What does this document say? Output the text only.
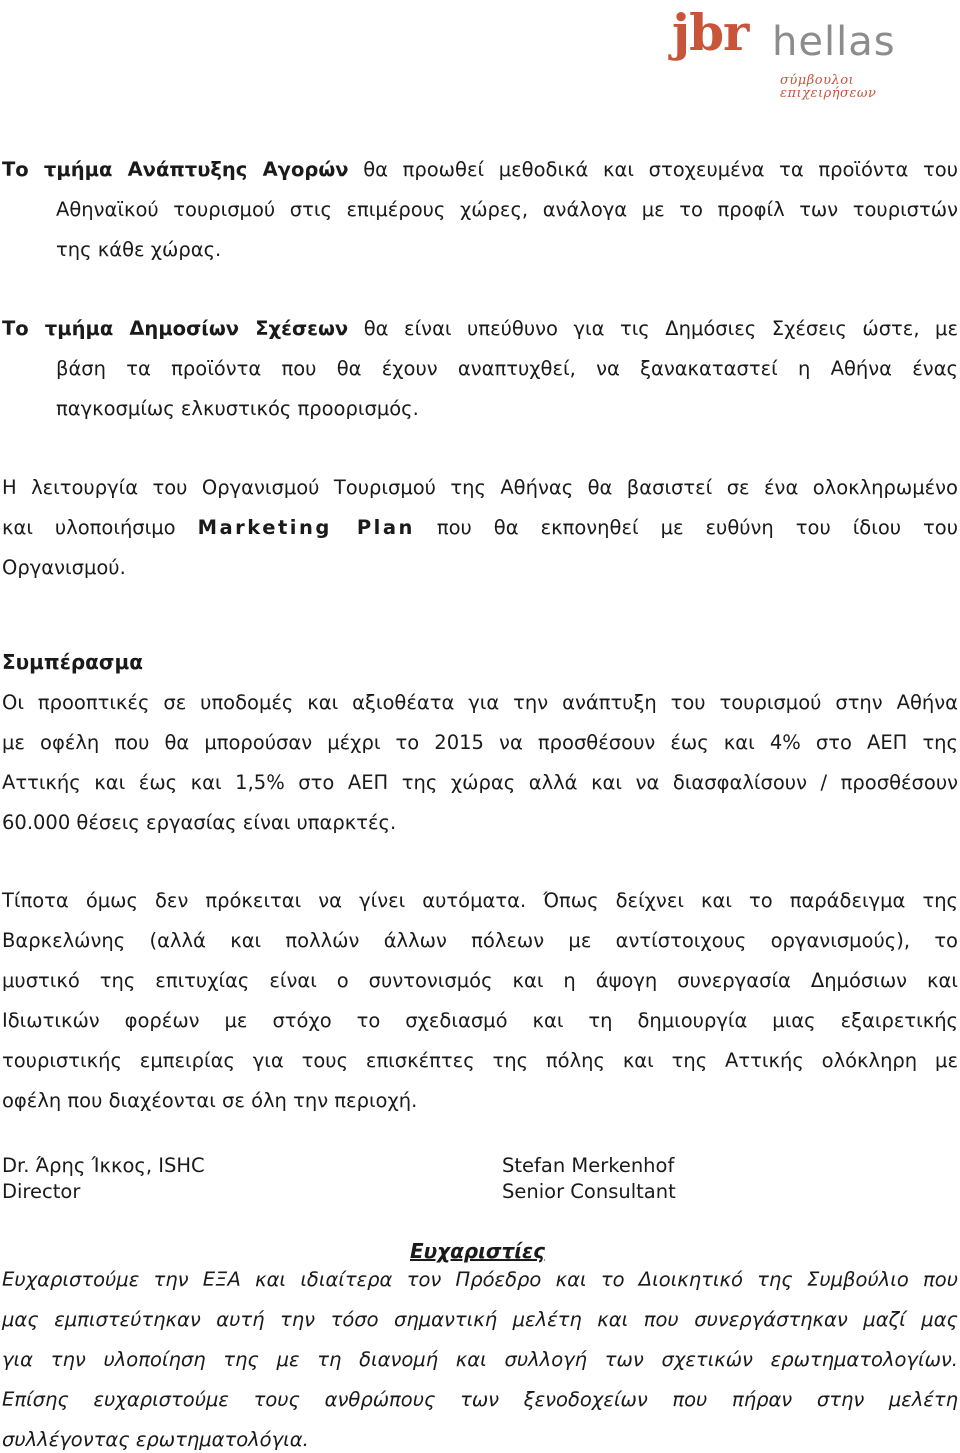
jbr hellas
σύμβουλοι επιχειρήσεων
Το τμήμα Ανάπτυξης Αγορών θα προωθεί μεθοδικά και στοχευμένα τα προϊόντα του
Αθηναϊκού τουρισμού στις επιμέρους χώρες, ανάλογα με το προφίλ των τουριστών
της κάθε χώρας.
Το τμήμα Δημοσίων Σχέσεων θα είναι υπεύθυνο για τις Δημόσιες Σχέσεις ώστε, με
βάση τα προϊόντα που θα έχουν αναπτυχθεί, να ξανακαταστεί η Αθήνα ένας
παγκοσμίως ελκυστικός προορισμός.
Η λειτουργία του Οργανισμού Τουρισμού της Αθήνας θα βασιστεί σε ένα ολοκληρωμένο
και υλοποιήσιμο Marketing Plan που θα εκπονηθεί με ευθύνη του ίδιου του
Οργανισμού.
Συμπέρασμα
Οι προοπτικές σε υποδομές και αξιοθέατα για την ανάπτυξη του τουρισμού στην Αθήνα
με οφέλη που θα μπορούσαν μέχρι το 2015 να προσθέσουν έως και 4% στο ΑΕΠ της
Αττικής και έως και 1,5% στο ΑΕΠ της χώρας αλλά και να διασφαλίσουν / προσθέσουν
60.000 θέσεις εργασίας είναι υπαρκτές.
Τίποτα όμως δεν πρόκειται να γίνει αυτόματα. Όπως δείχνει και το παράδειγμα της
Βαρκελώνης (αλλά και πολλών άλλων πόλεων με αντίστοιχους οργανισμούς), το
μυστικό της επιτυχίας είναι ο συντονισμός και η άψογη συνεργασία Δημόσιων και
Ιδιωτικών φορέων με στόχο το σχεδιασμό και τη δημιουργία μιας εξαιρετικής
τουριστικής εμπειρίας για τους επισκέπτες της πόλης και της Αττικής ολόκληρη με
οφέλη που διαχέονται σε όλη την περιοχή.
Dr. Άρης Ίκκος, ISHC
Director
Stefan Merkenhof
Senior Consultant
Ευχαριστίες
Ευχαριστούμε την ΕΞΑ και ιδιαίτερα τον Πρόεδρο και το Διοικητικό της Συμβούλιο που
μας εμπιστεύτηκαν αυτή την τόσο σημαντική μελέτη και που συνεργάστηκαν μαζί μας
για την υλοποίηση της με τη διανομή και συλλογή των σχετικών ερωτηματολογίων.
Επίσης ευχαριστούμε τους ανθρώπους των ξενοδοχείων που πήραν στην μελέτη
συλλέγοντας ερωτηματολόγια.
